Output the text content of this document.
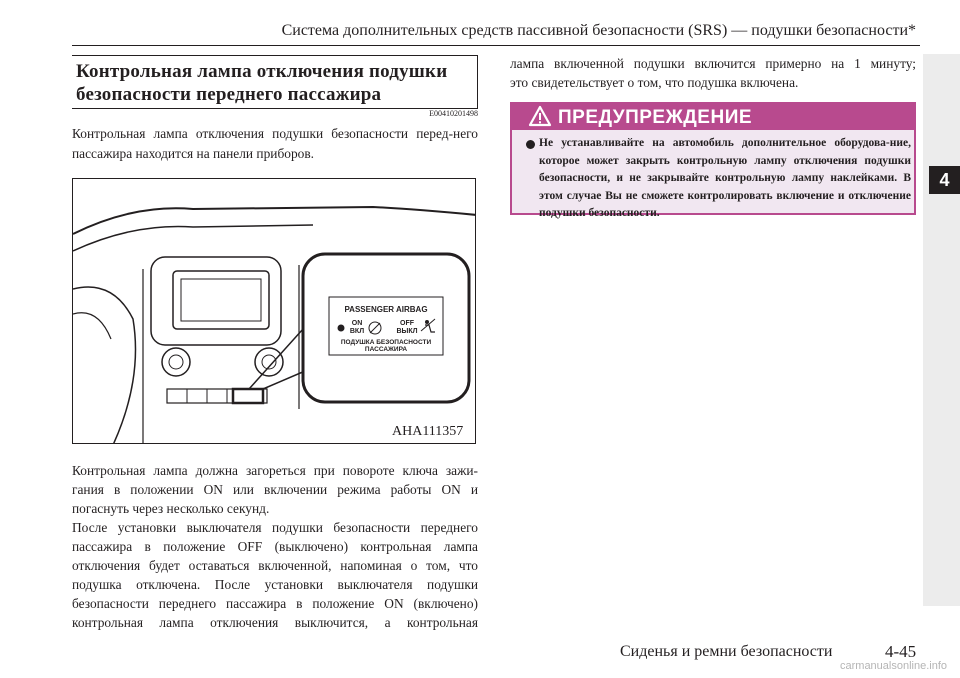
Система дополнительных средств пассивной безопасности (SRS) — подушки безопасности*
4
Контрольная лампа отключения подушки
безопасности переднего пассажира
E00410201498
Контрольная лампа отключения подушки безопасности перед-него пассажира находится на панели приборов.
PASSENGER AIRBAG
ON
ВКЛ
OFF
ВЫКЛ
ПОДУШКА БЕЗОПАСНОСТИ
ПАССАЖИРА
AHA111357
Контрольная лампа должна загореться при повороте ключа зажи-
гания в положении ON или включении режима работы ON и
погаснуть через несколько секунд.
После установки выключателя подушки безопасности переднего
пассажира в положение OFF (выключено) контрольная лампа
отключения будет оставаться включенной, напоминая о том, что
подушка отключена. После установки выключателя подушки
безопасности переднего пассажира в положение ON (включено)
контрольная лампа отключения выключится, а контрольная
лампа включенной подушки включится примерно на 1 минуту;
это свидетельствует о том, что подушка включена.
ПРЕДУПРЕЖДЕНИЕ
Не устанавливайте на автомобиль дополнительное оборудова-ние, которое может закрыть контрольную лампу отключения подушки безопасности, и не закрывайте контрольную лампу наклейками. В этом случае Вы не сможете контролировать включение и отключение подушки безопасности.
Сиденья и ремни безопасности	4-45
carmanualsonline.info
